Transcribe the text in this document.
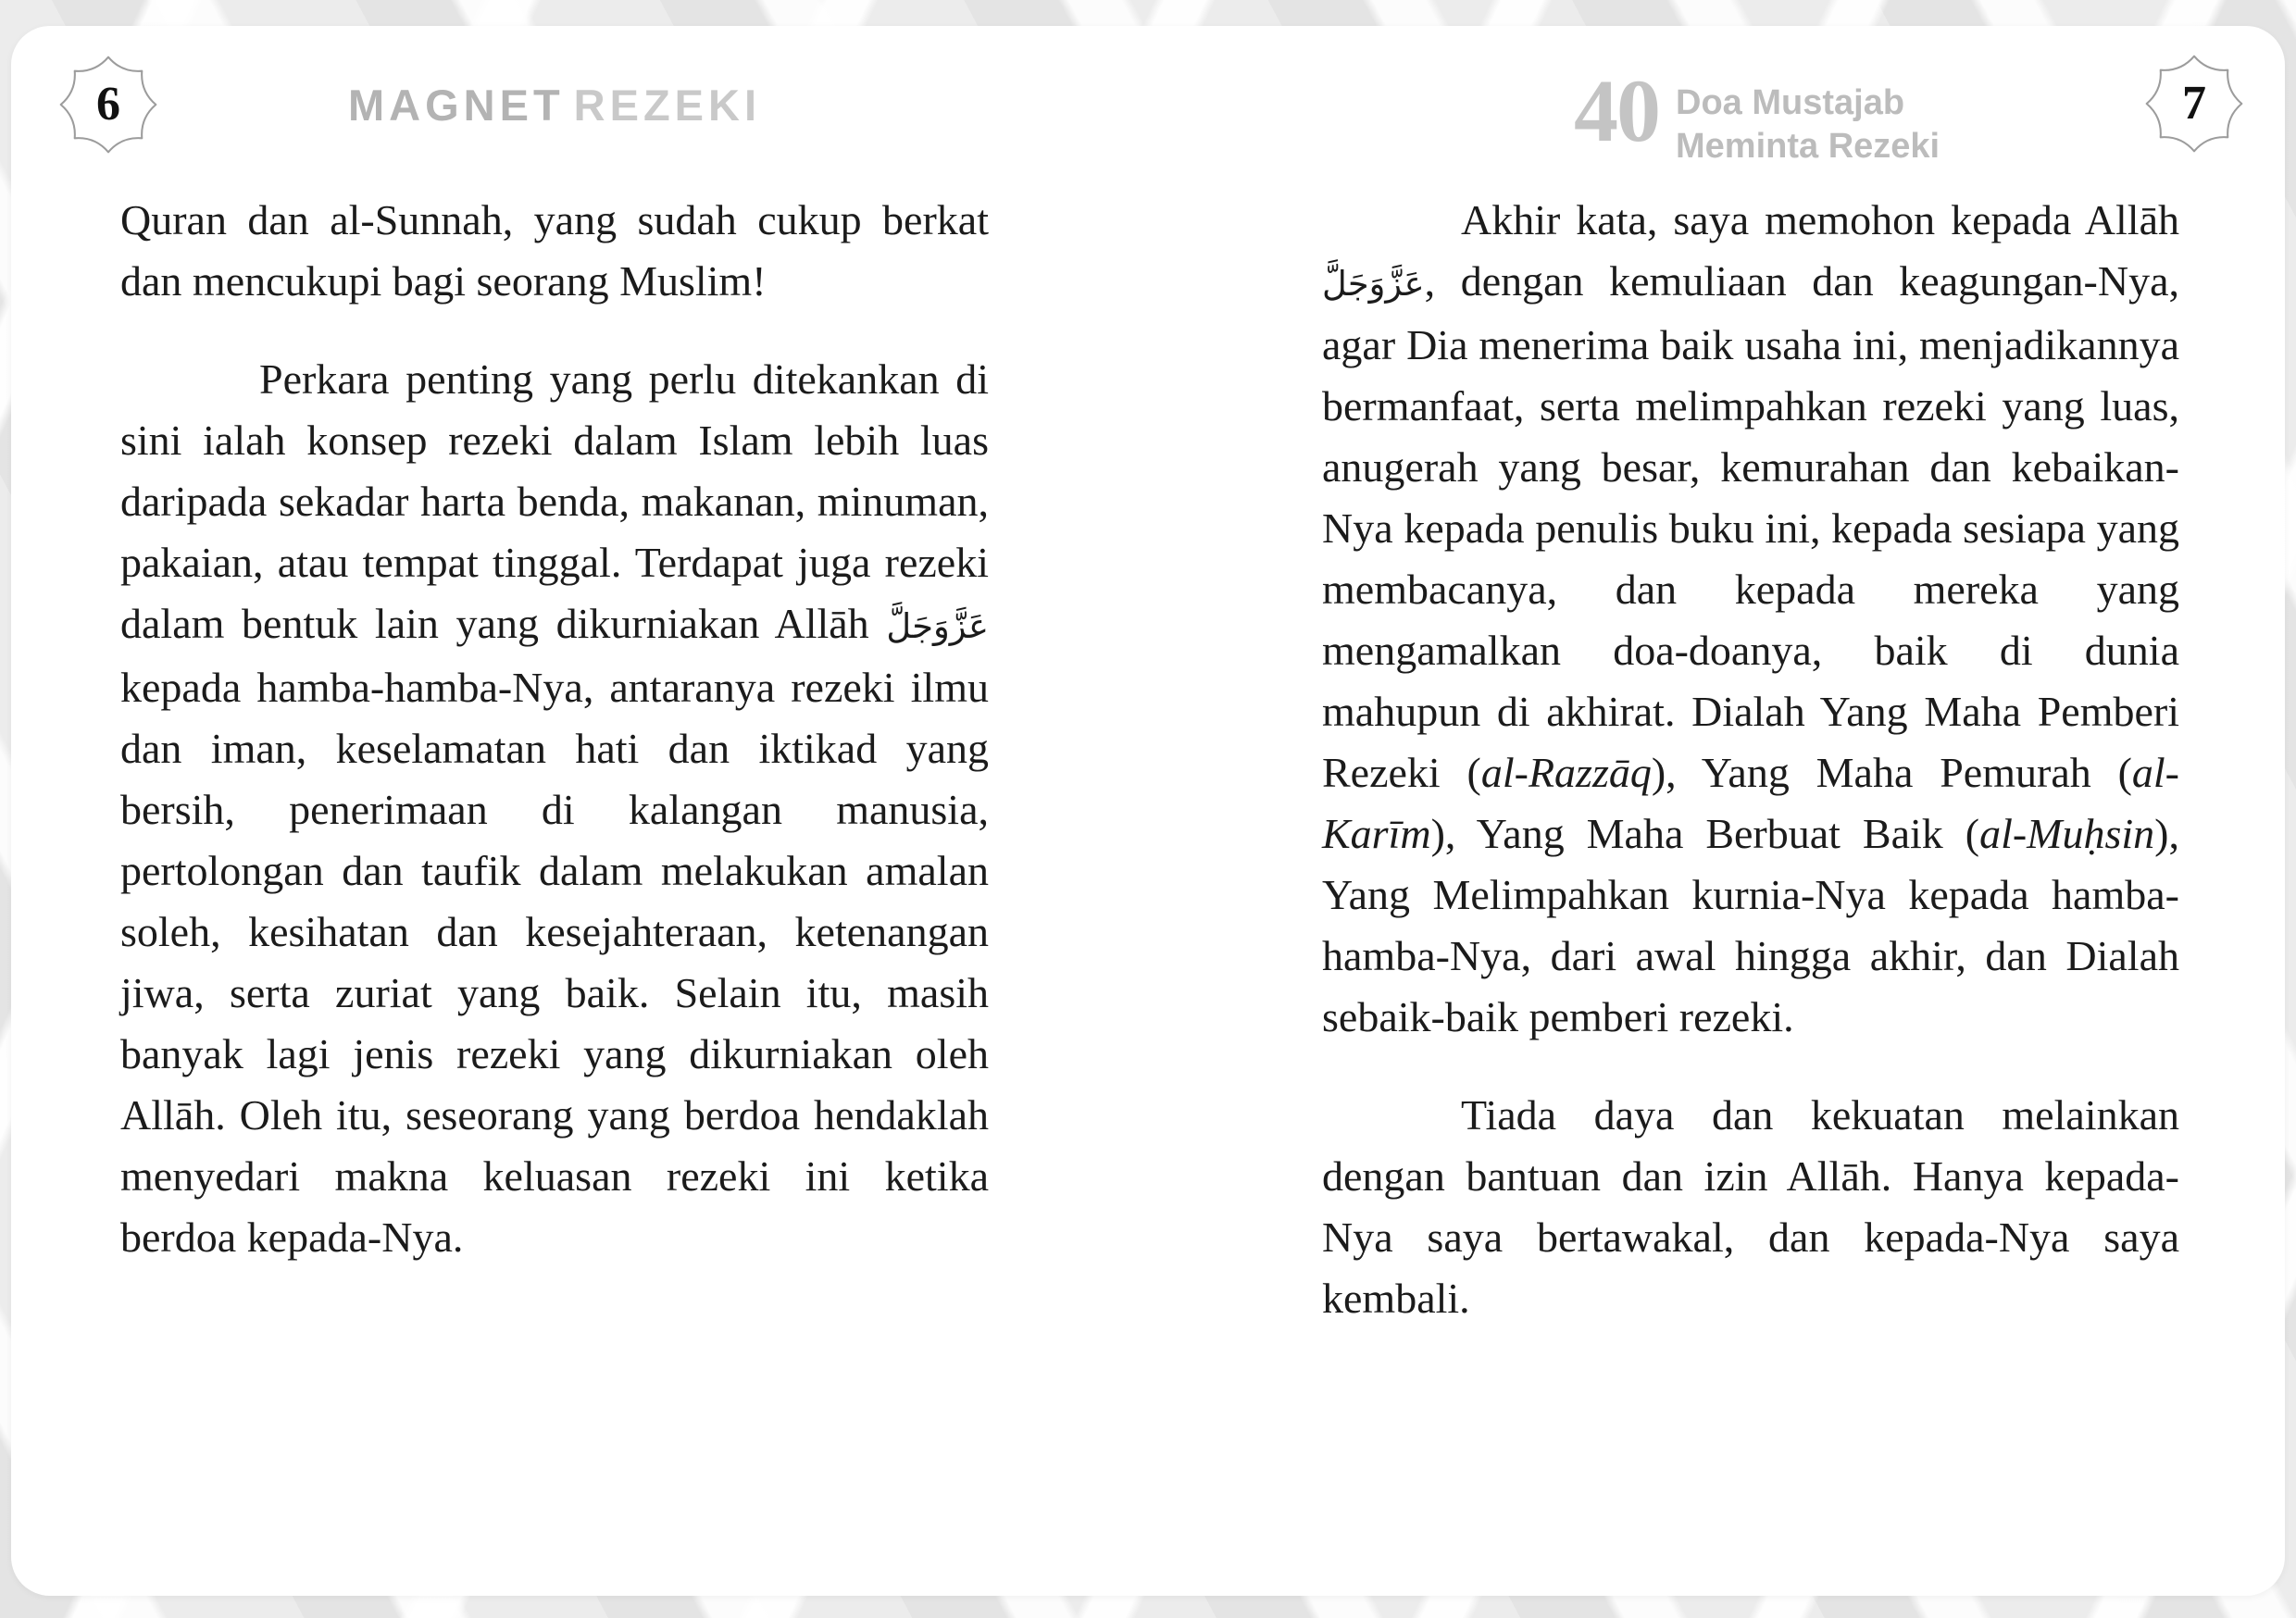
6	MAGNET REZEKI	40 Doa Mustajab
Meminta Rezeki
7

Quran dan al-Sunnah, yang sudah cukup berkat dan mencukupi bagi seorang Muslim!

Perkara penting yang perlu ditekankan di sini ialah konsep rezeki dalam Islam lebih luas daripada sekadar harta benda, makanan, minuman, pakaian, atau tempat tinggal. Terdapat juga rezeki dalam bentuk lain yang dikurniakan Allāh عَزَّوَجَلَّ kepada hamba-hamba-Nya, antaranya rezeki ilmu dan iman, keselamatan hati dan iktikad yang bersih, penerimaan di kalangan manusia, pertolongan dan taufik dalam melakukan amalan soleh, kesihatan dan kesejahteraan, ketenangan jiwa, serta zuriat yang baik. Selain itu, masih banyak lagi jenis rezeki yang dikurniakan oleh Allāh. Oleh itu, seseorang yang berdoa hendaklah menyedari makna keluasan rezeki ini ketika berdoa kepada-Nya.

Akhir kata, saya memohon kepada Allāh عَزَّوَجَلَّ, dengan kemuliaan dan keagungan-Nya, agar Dia menerima baik usaha ini, menjadikannya bermanfaat, serta melimpahkan rezeki yang luas, anugerah yang besar, kemurahan dan kebaikan-Nya kepada penulis buku ini, kepada sesiapa yang membacanya, dan kepada mereka yang mengamalkan doa-doanya, baik di dunia mahupun di akhirat. Dialah Yang Maha Pemberi Rezeki (al-Razzāq), Yang Maha Pemurah (al-Karīm), Yang Maha Berbuat Baik (al-Muḥsin), Yang Melimpahkan kurnia-Nya kepada hamba-hamba-Nya, dari awal hingga akhir, dan Dialah sebaik-baik pemberi rezeki.

Tiada daya dan kekuatan melainkan dengan bantuan dan izin Allāh. Hanya kepada-Nya saya bertawakal, dan kepada-Nya saya kembali.
